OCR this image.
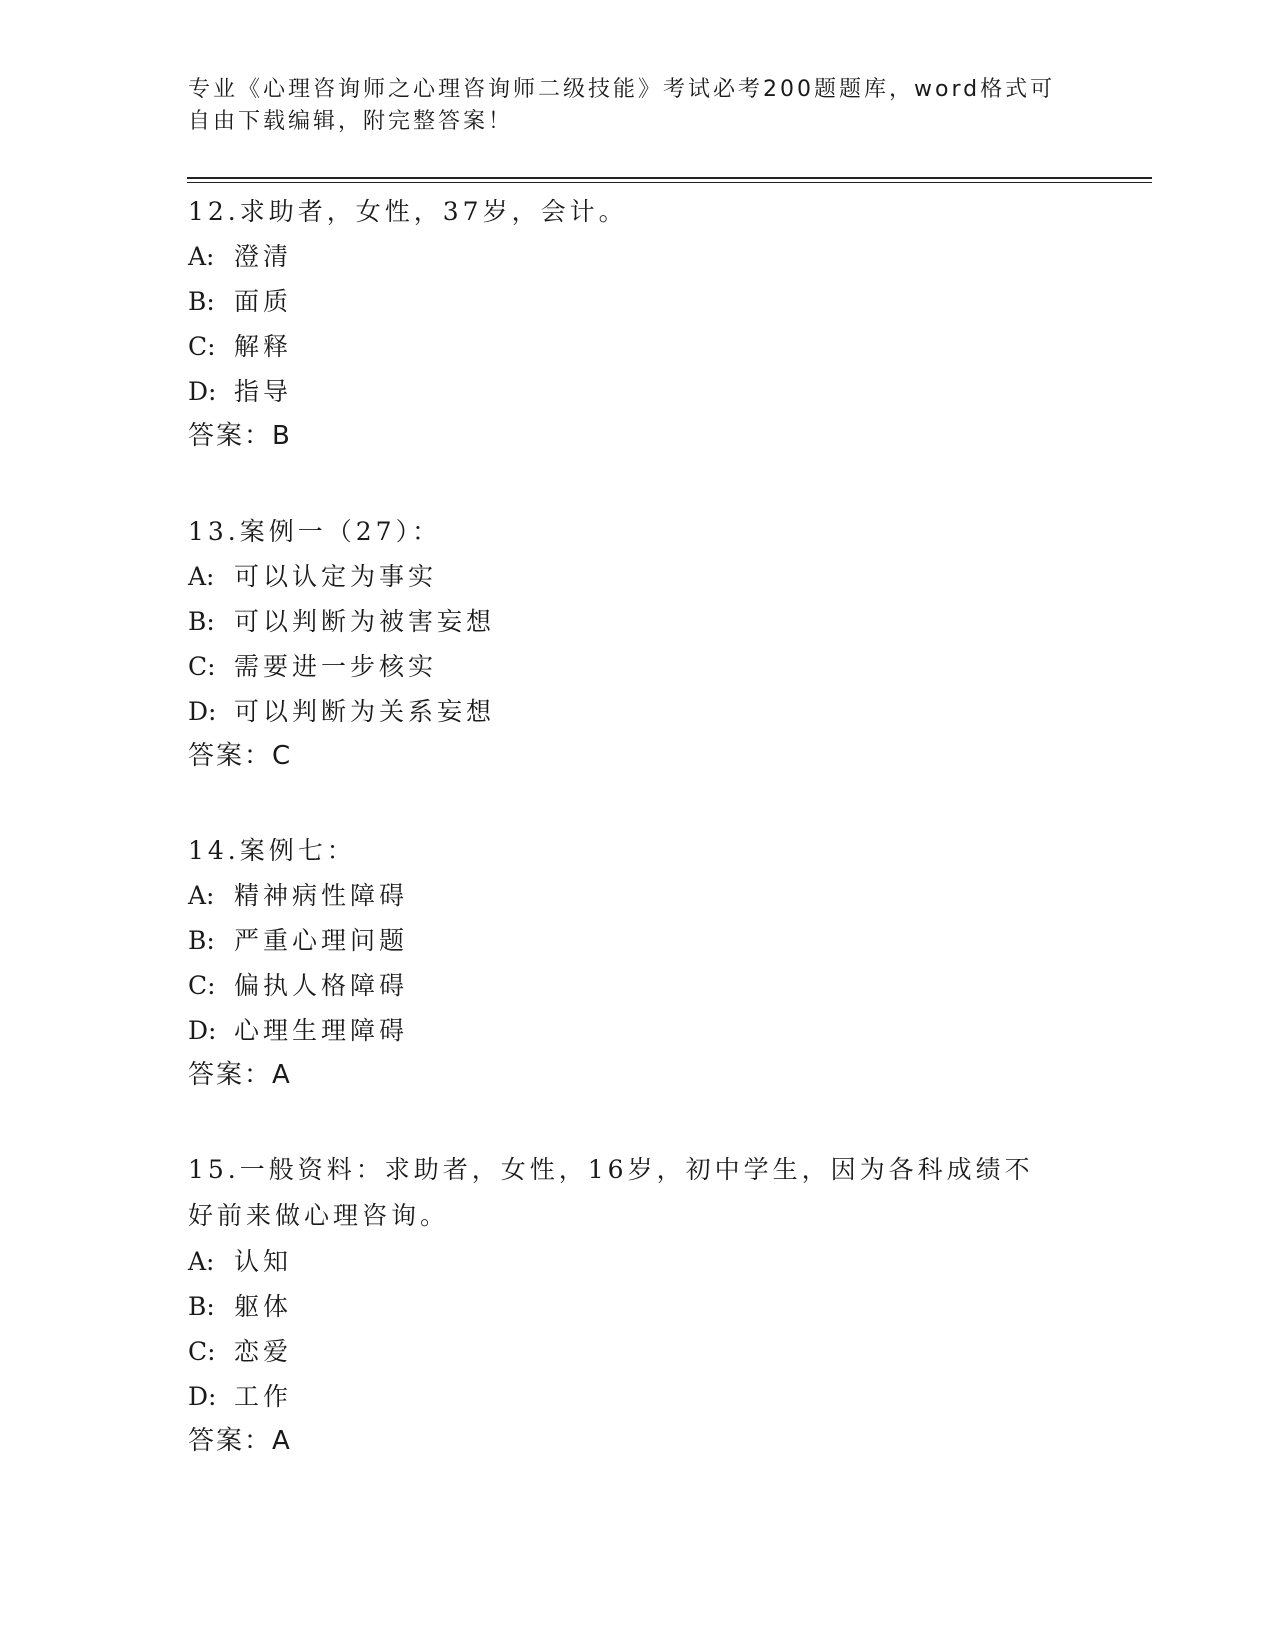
专业《心理咨询师之心理咨询师二级技能》考试必考200题题库，word格式可自由下载编辑，附完整答案！
12.求助者，女性，37岁，会计。
A: 澄清
B: 面质
C: 解释
D: 指导
答案：B
13.案例一（27）：
A: 可以认定为事实
B: 可以判断为被害妄想
C: 需要进一步核实
D: 可以判断为关系妄想
答案：C
14.案例七：
A: 精神病性障碍
B: 严重心理问题
C: 偏执人格障碍
D: 心理生理障碍
答案：A
15.一般资料：求助者，女性，16岁，初中学生，因为各科成绩不好前来做心理咨询。
A: 认知
B: 躯体
C: 恋爱
D: 工作
答案：A
